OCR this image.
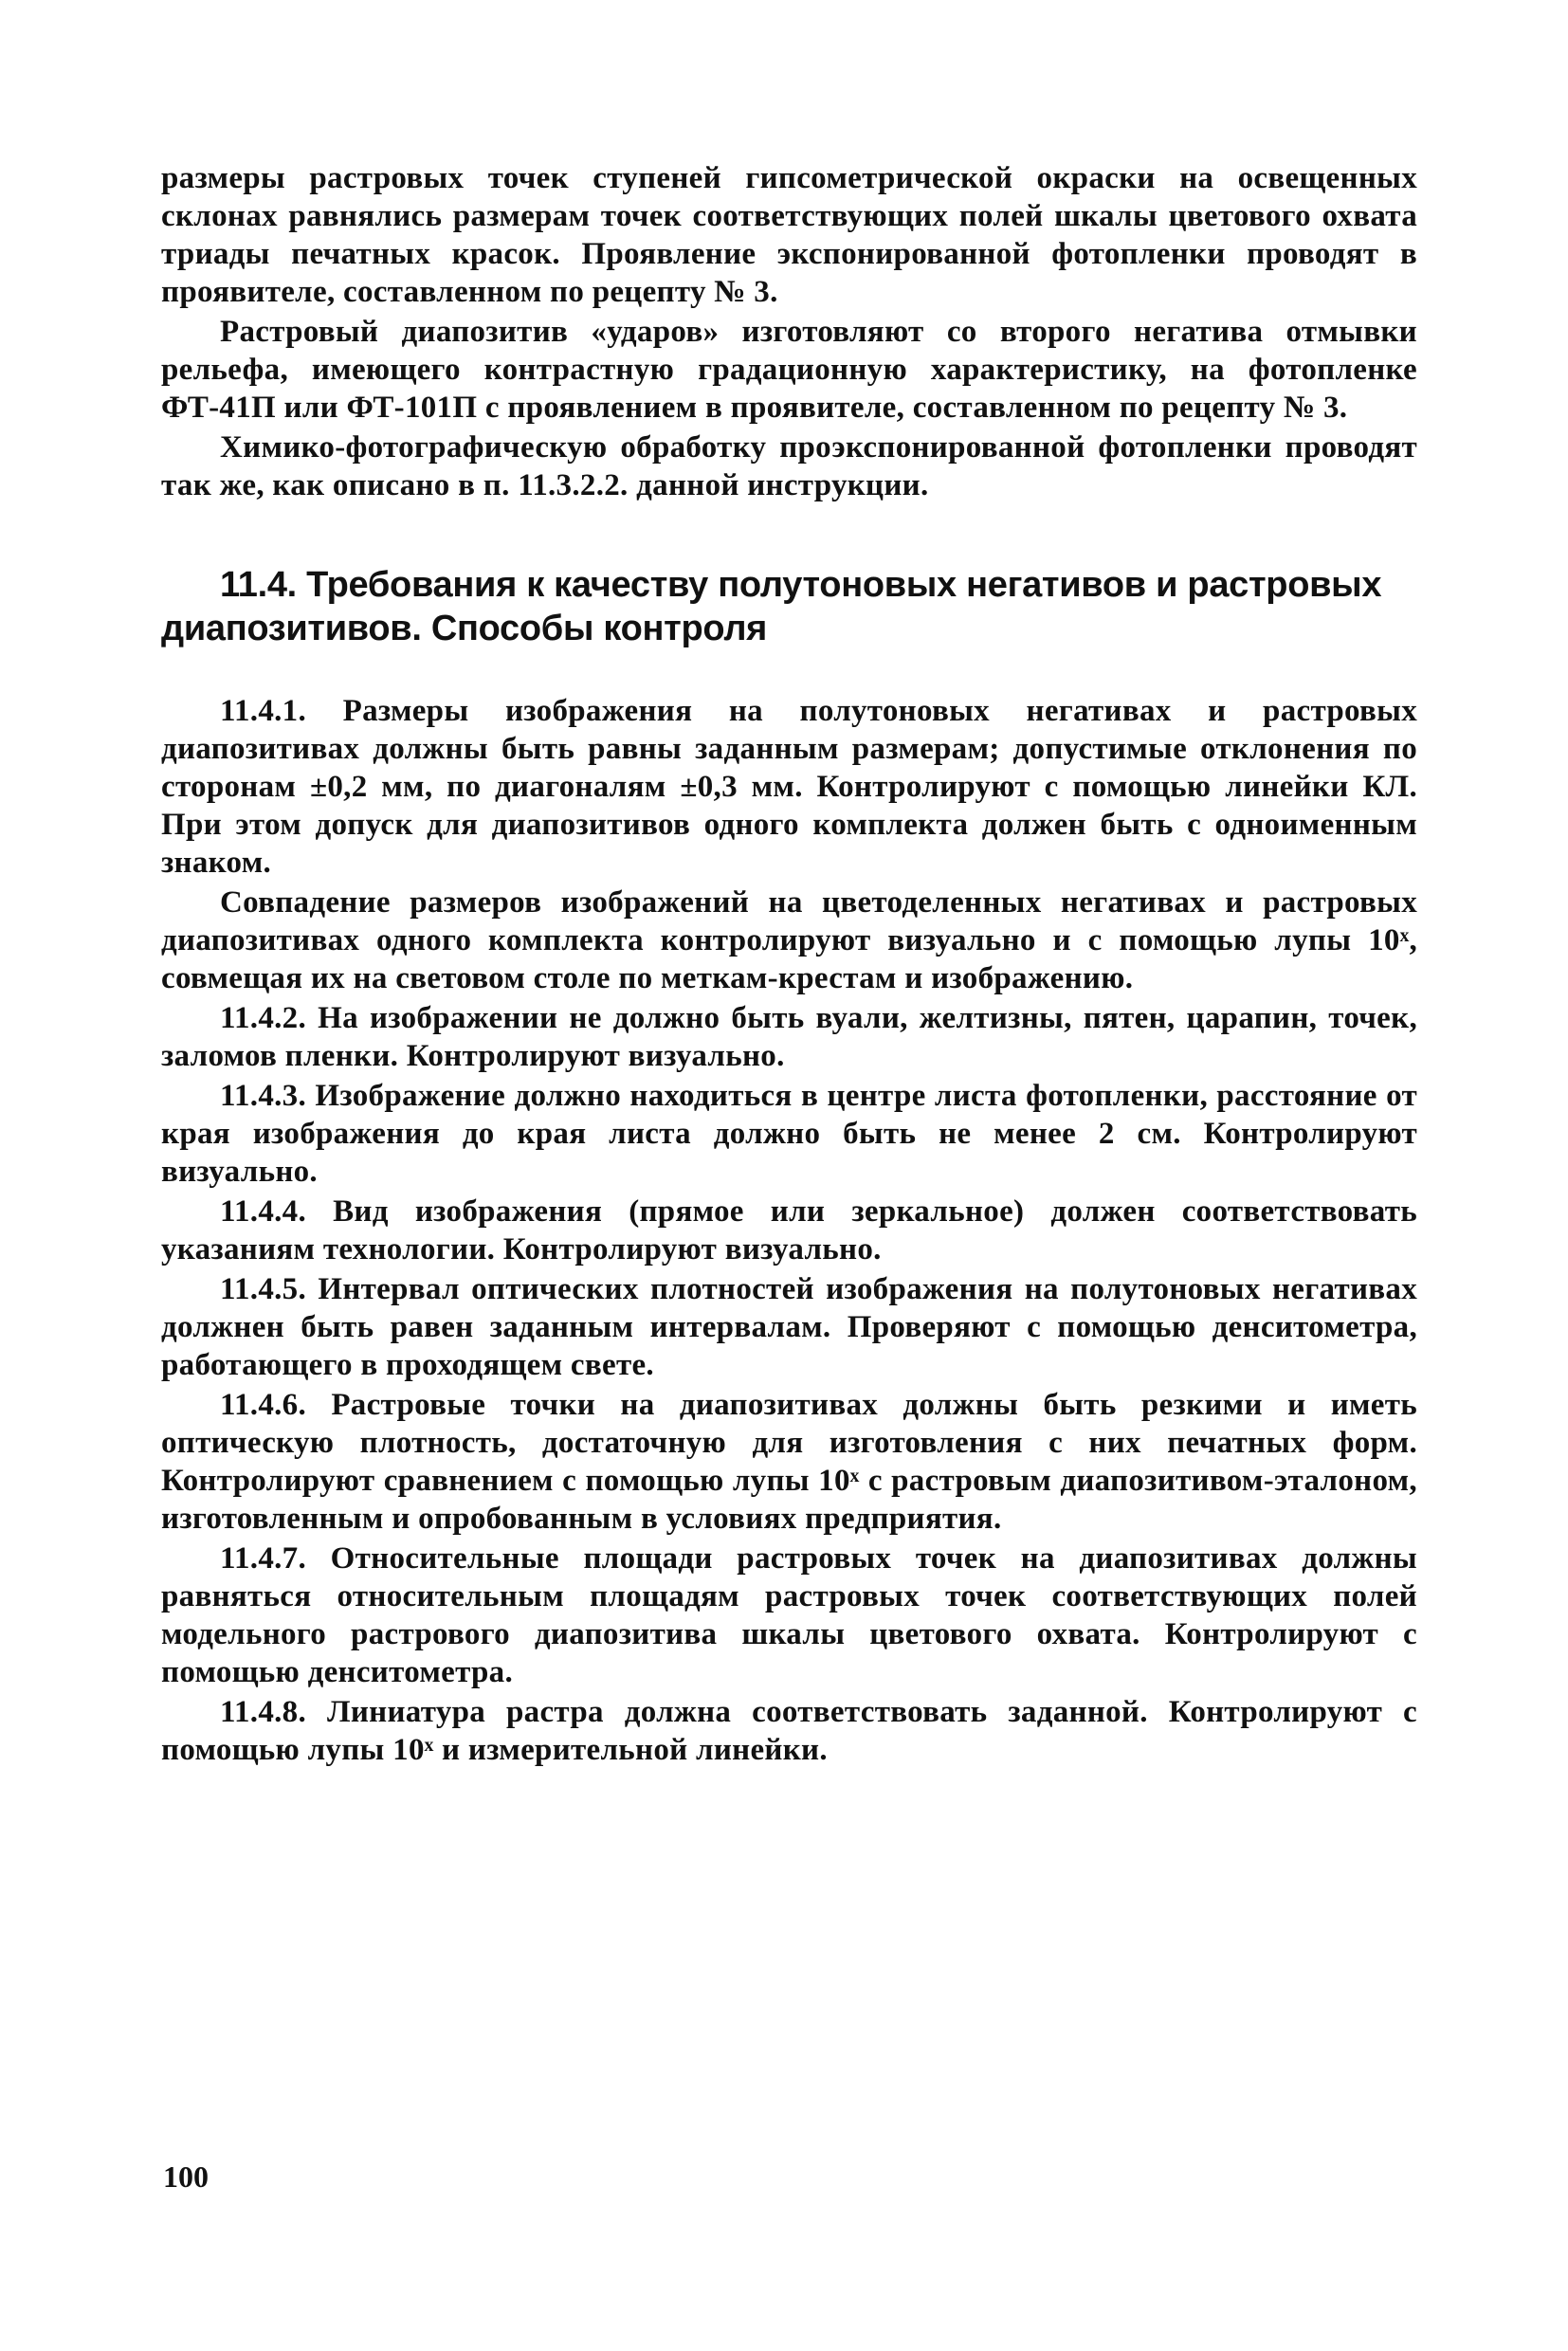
размеры растровых точек ступеней гипсометрической окраски на освещенных склонах равнялись размерам точек соответствующих полей шкалы цветового охвата триады печатных красок. Проявление экспонированной фотопленки проводят в проявителе, составленном по рецепту № 3.

Растровый диапозитив «ударов» изготовляют со второго негатива отмывки рельефа, имеющего контрастную градационную характеристику, на фотопленке ФТ-41П или ФТ-101П с проявлением в проявителе, составленном по рецепту № 3.

Химико-фотографическую обработку проэкспонированной фотопленки проводят так же, как описано в п. 11.3.2.2. данной инструкции.

11.4. Требования к качеству полутоновых негативов и растровых диапозитивов. Способы контроля

11.4.1. Размеры изображения на полутоновых негативах и растровых диапозитивах должны быть равны заданным размерам; допустимые отклонения по сторонам ±0,2 мм, по диагоналям ±0,3 мм. Контролируют с помощью линейки КЛ. При этом допуск для диапозитивов одного комплекта должен быть с одноименным знаком.

Совпадение размеров изображений на цветоделенных негативах и растровых диапозитивах одного комплекта контролируют визуально и с помощью лупы 10ˣ, совмещая их на световом столе по меткам-крестам и изображению.

11.4.2. На изображении не должно быть вуали, желтизны, пятен, царапин, точек, заломов пленки. Контролируют визуально.

11.4.3. Изображение должно находиться в центре листа фотопленки, расстояние от края изображения до края листа должно быть не менее 2 см. Контролируют визуально.

11.4.4. Вид изображения (прямое или зеркальное) должен соответствовать указаниям технологии. Контролируют визуально.

11.4.5. Интервал оптических плотностей изображения на полутоновых негативах должнен быть равен заданным интервалам. Проверяют с помощью денситометра, работающего в проходящем свете.

11.4.6. Растровые точки на диапозитивах должны быть резкими и иметь оптическую плотность, достаточную для изготовления с них печатных форм. Контролируют сравнением с помощью лупы 10ˣ с растровым диапозитивом-эталоном, изготовленным и опробованным в условиях предприятия.

11.4.7. Относительные площади растровых точек на диапозитивах должны равняться относительным площадям растровых точек соответствующих полей модельного растрового диапозитива шкалы цветового охвата. Контролируют с помощью денситометра.

11.4.8. Линиатура растра должна соответствовать заданной. Контролируют с помощью лупы 10ˣ и измерительной линейки.

100
